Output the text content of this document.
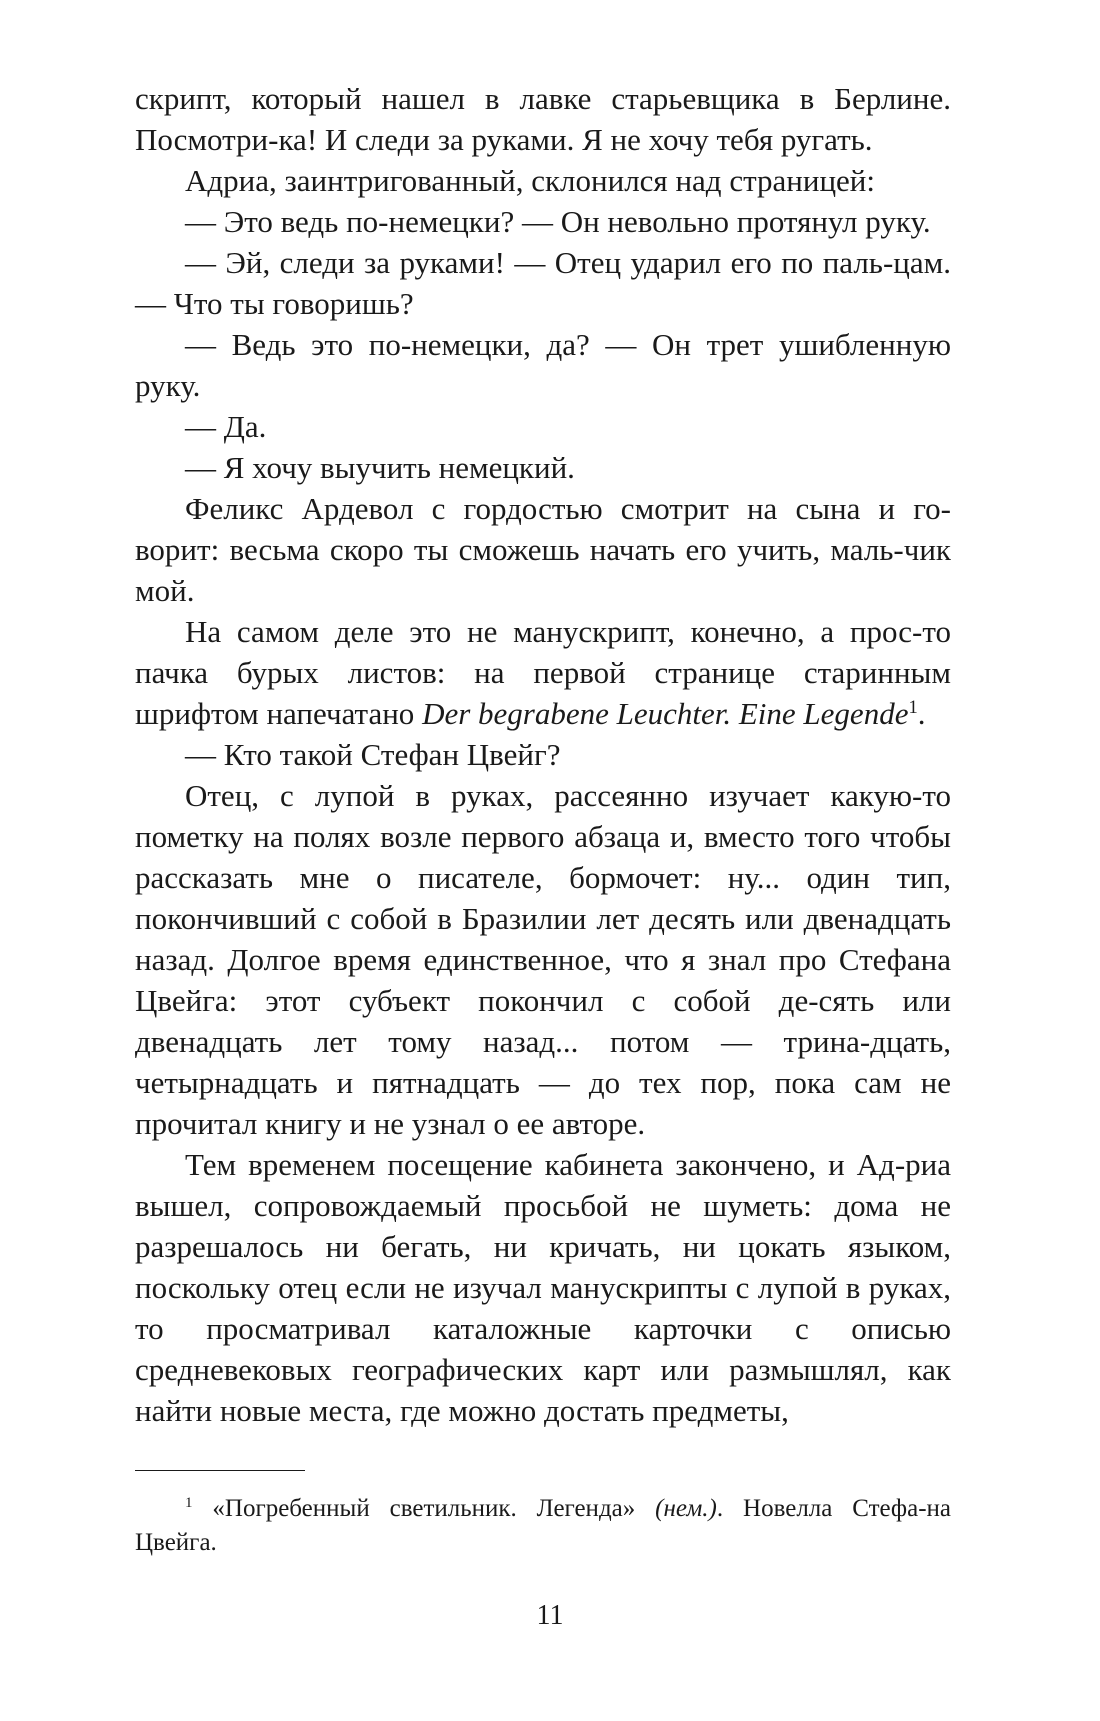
скрипт, который нашел в лавке старьевщика в Берлине. Посмотри-ка! И следи за руками. Я не хочу тебя ругать.

Адриа, заинтригованный, склонился над страницей:

— Это ведь по-немецки? — Он невольно протянул руку.

— Эй, следи за руками! — Отец ударил его по паль-цам. — Что ты говоришь?

— Ведь это по-немецки, да? — Он трет ушибленную руку.

— Да.

— Я хочу выучить немецкий.

Феликс Ардевол с гордостью смотрит на сына и го-ворит: весьма скоро ты сможешь начать его учить, маль-чик мой.

На самом деле это не манускрипт, конечно, а прос-то пачка бурых листов: на первой странице старинным шрифтом напечатано Der begrabene Leuchter. Eine Legende$^1$.

— Кто такой Стефан Цвейг?

Отец, с лупой в руках, рассеянно изучает какую-то пометку на полях возле первого абзаца и, вместо того чтобы рассказать мне о писателе, бормочет: ну... один тип, покончивший с собой в Бразилии лет десять или двенадцать назад. Долгое время единственное, что я знал про Стефана Цвейга: этот субъект покончил с собой де-сять или двенадцать лет тому назад... потом — трина-дцать, четырнадцать и пятнадцать — до тех пор, пока сам не прочитал книгу и не узнал о ее авторе.

Тем временем посещение кабинета закончено, и Ад-риа вышел, сопровождаемый просьбой не шуметь: дома не разрешалось ни бегать, ни кричать, ни цокать языком, поскольку отец если не изучал манускрипты с лупой в руках, то просматривал каталожные карточки с описью средневековых географических карт или размышлял, как найти новые места, где можно достать предметы,

$^1$ «Погребенный светильник. Легенда» (нем.). Новелла Стефа-на Цвейга.

11
